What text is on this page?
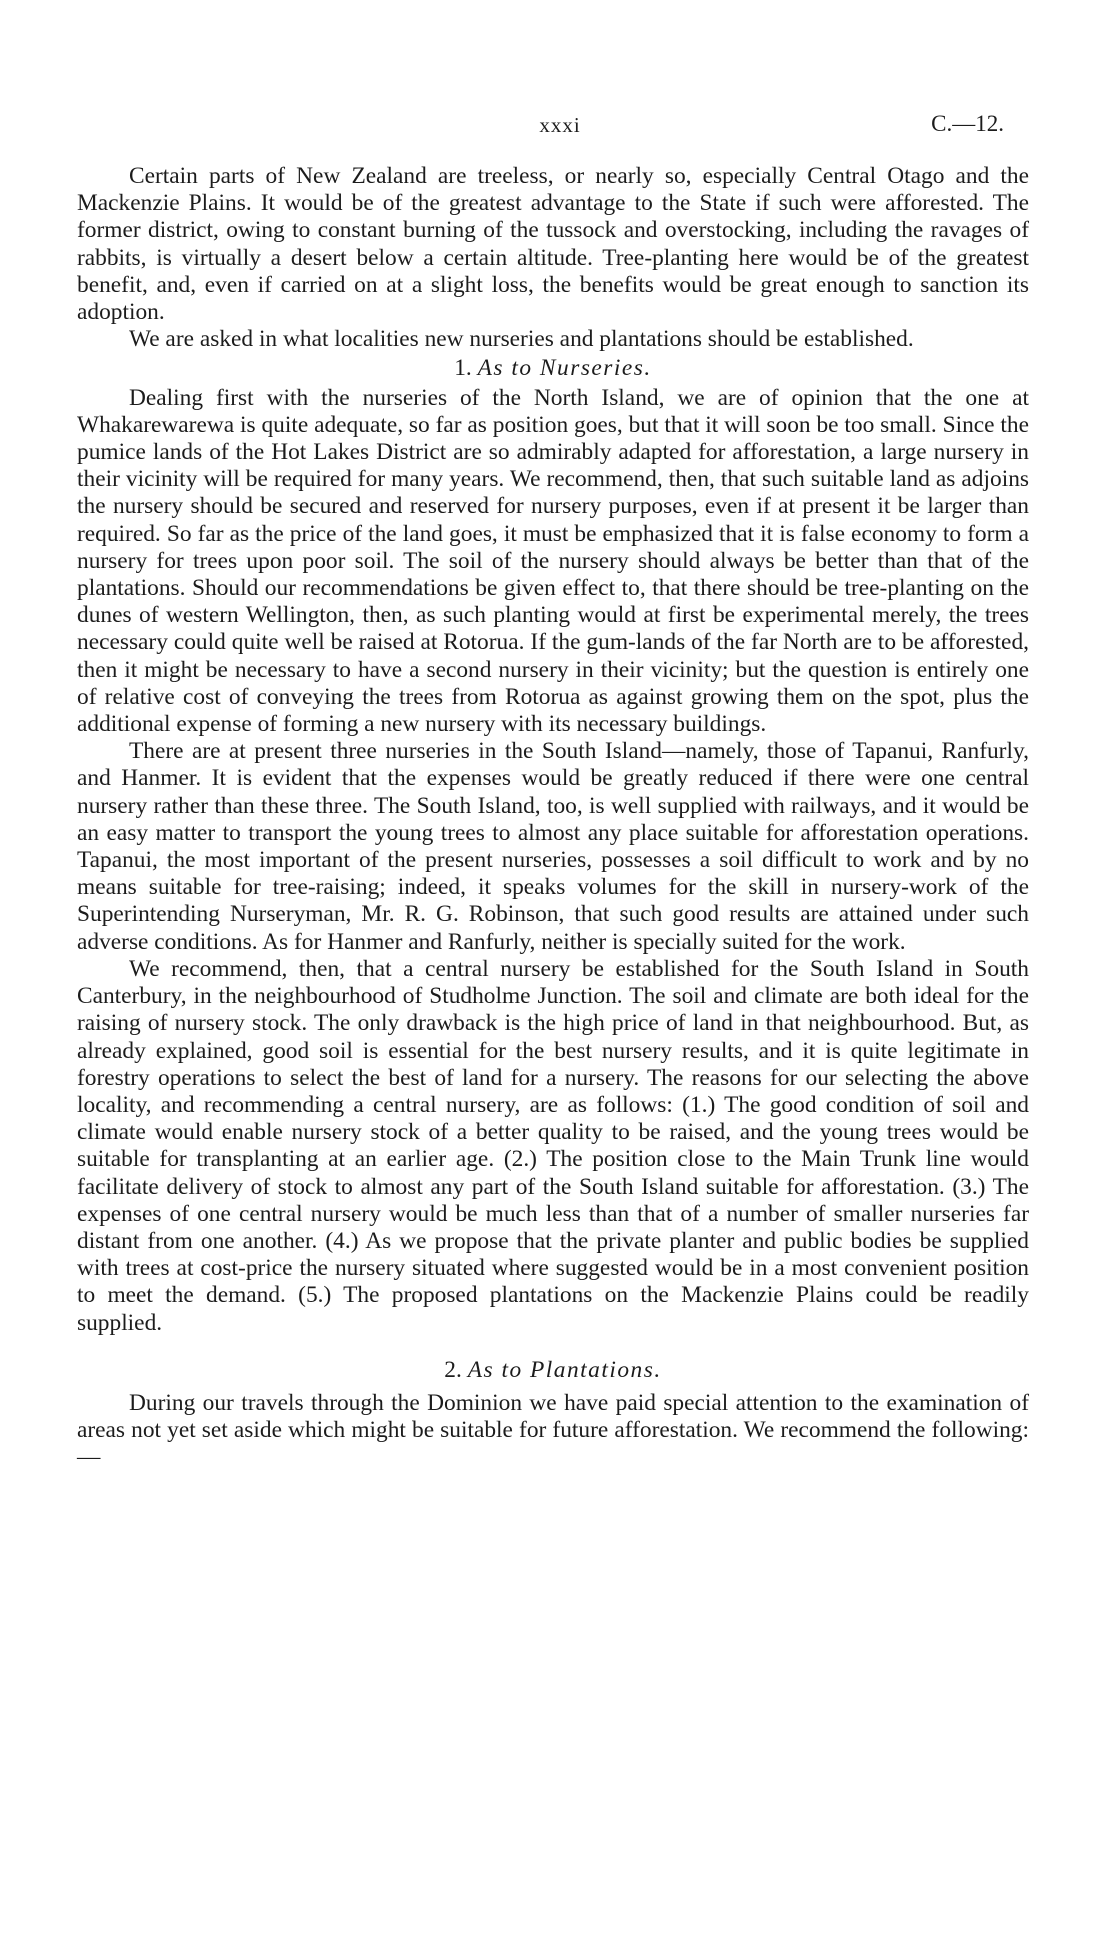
xxxi	C.—12.

Certain parts of New Zealand are treeless, or nearly so, especially Central Otago and the Mackenzie Plains. It would be of the greatest advantage to the State if such were afforested. The former district, owing to constant burning of the tussock and overstocking, including the ravages of rabbits, is virtually a desert below a certain altitude. Tree-planting here would be of the greatest benefit, and, even if carried on at a slight loss, the benefits would be great enough to sanction its adoption.

We are asked in what localities new nurseries and plantations should be established.

1. As to Nurseries.

Dealing first with the nurseries of the North Island, we are of opinion that the one at Whakarewarewa is quite adequate, so far as position goes, but that it will soon be too small. Since the pumice lands of the Hot Lakes District are so admirably adapted for afforestation, a large nursery in their vicinity will be required for many years. We recommend, then, that such suitable land as adjoins the nursery should be secured and reserved for nursery purposes, even if at present it be larger than required. So far as the price of the land goes, it must be emphasized that it is false economy to form a nursery for trees upon poor soil. The soil of the nursery should always be better than that of the plantations. Should our recommendations be given effect to, that there should be tree-planting on the dunes of western Wellington, then, as such planting would at first be experimental merely, the trees necessary could quite well be raised at Rotorua. If the gum-lands of the far North are to be afforested, then it might be necessary to have a second nursery in their vicinity; but the question is entirely one of relative cost of conveying the trees from Rotorua as against growing them on the spot, plus the additional expense of forming a new nursery with its necessary buildings.

There are at present three nurseries in the South Island—namely, those of Tapanui, Ranfurly, and Hanmer. It is evident that the expenses would be greatly reduced if there were one central nursery rather than these three. The South Island, too, is well supplied with railways, and it would be an easy matter to transport the young trees to almost any place suitable for afforestation operations. Tapanui, the most important of the present nurseries, possesses a soil difficult to work and by no means suitable for tree-raising; indeed, it speaks volumes for the skill in nursery-work of the Superintending Nurseryman, Mr. R. G. Robinson, that such good results are attained under such adverse conditions. As for Hanmer and Ranfurly, neither is specially suited for the work.

We recommend, then, that a central nursery be established for the South Island in South Canterbury, in the neighbourhood of Studholme Junction. The soil and climate are both ideal for the raising of nursery stock. The only drawback is the high price of land in that neighbourhood. But, as already explained, good soil is essential for the best nursery results, and it is quite legitimate in forestry operations to select the best of land for a nursery. The reasons for our selecting the above locality, and recommending a central nursery, are as follows: (1.) The good condition of soil and climate would enable nursery stock of a better quality to be raised, and the young trees would be suitable for transplanting at an earlier age. (2.) The position close to the Main Trunk line would facilitate delivery of stock to almost any part of the South Island suitable for afforestation. (3.) The expenses of one central nursery would be much less than that of a number of smaller nurseries far distant from one another. (4.) As we propose that the private planter and public bodies be supplied with trees at cost-price the nursery situated where suggested would be in a most convenient position to meet the demand. (5.) The proposed plantations on the Mackenzie Plains could be readily supplied.

2. As to Plantations.

During our travels through the Dominion we have paid special attention to the examination of areas not yet set aside which might be suitable for future afforestation. We recommend the following:—
